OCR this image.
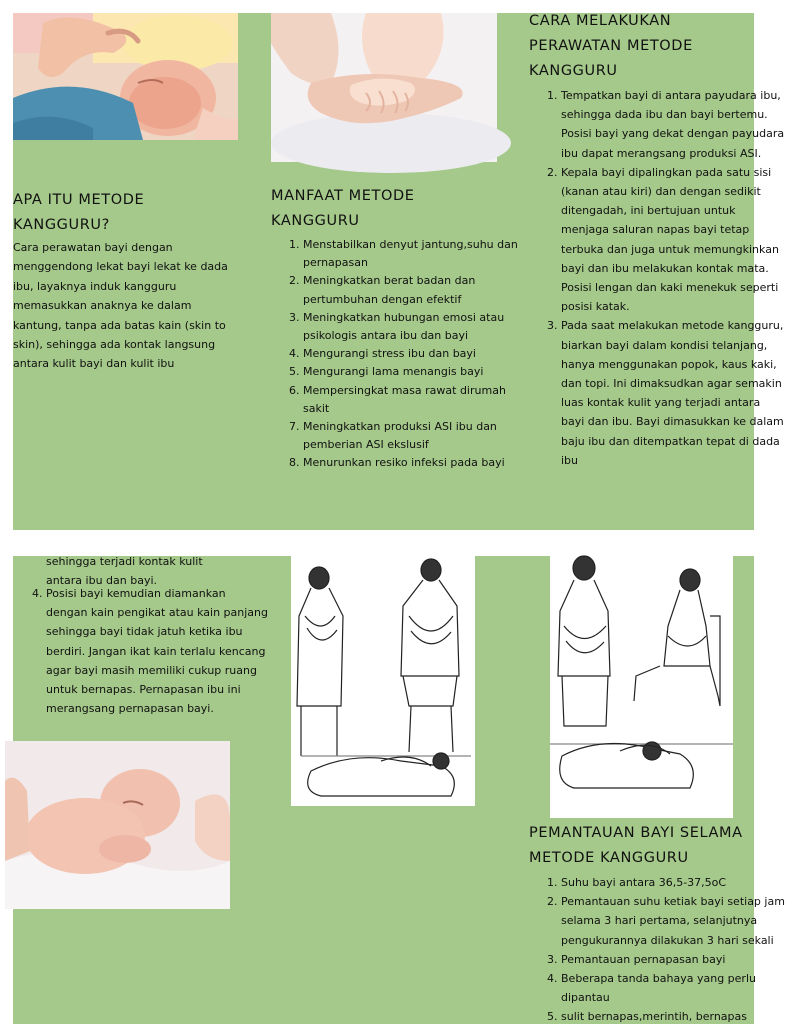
APA ITU METODE KANGGURU?
Cara perawatan bayi dengan menggendong lekat bayi lekat ke dada ibu, layaknya induk kangguru memasukkan anaknya ke dalam kantung, tanpa ada batas kain (skin to skin), sehingga ada kontak langsung antara kulit bayi dan kulit ibu
MANFAAT METODE KANGGURU
1. Menstabilkan denyut jantung,suhu dan pernapasan
2. Meningkatkan berat badan dan pertumbuhan dengan efektif
3. Meningkatkan hubungan emosi atau psikologis antara ibu dan bayi
4. Mengurangi stress ibu dan bayi
5. Mengurangi lama menangis bayi
6. Mempersingkat masa rawat dirumah sakit
7. Meningkatkan produksi ASI ibu dan pemberian ASI ekslusif
8. Menurunkan resiko infeksi pada bayi
CARA MELAKUKAN PERAWATAN METODE KANGGURU
1. Tempatkan bayi di antara payudara ibu, sehingga dada ibu dan bayi bertemu. Posisi bayi yang dekat dengan payudara ibu dapat merangsang produksi ASI.
2. Kepala bayi dipalingkan pada satu sisi (kanan atau kiri) dan dengan sedikit ditengadah, ini bertujuan untuk menjaga saluran napas bayi tetap terbuka dan juga untuk memungkinkan bayi dan ibu melakukan kontak mata. Posisi lengan dan kaki menekuk seperti posisi katak.
3. Pada saat melakukan metode kangguru, biarkan bayi dalam kondisi telanjang, hanya menggunakan popok, kaus kaki, dan topi. Ini dimaksudkan agar semakin luas kontak kulit yang terjadi antara bayi dan ibu. Bayi dimasukkan ke dalam baju ibu dan ditempatkan tepat di dada ibu
sehingga terjadi kontak kulit antara ibu dan bayi.
4. Posisi bayi kemudian diamankan dengan kain pengikat atau kain panjang sehingga bayi tidak jatuh ketika ibu berdiri. Jangan ikat kain terlalu kencang agar bayi masih memiliki cukup ruang untuk bernapas. Pernapasan ibu ini merangsang pernapasan bayi.
PEMANTAUAN BAYI SELAMA METODE KANGGURU
1. Suhu bayi antara 36,5-37,5oC
2. Pemantauan suhu ketiak bayi setiap jam selama 3 hari pertama, selanjutnya pengukurannya dilakukan 3 hari sekali
3. Pemantauan pernapasan bayi
4. Beberapa tanda bahaya yang perlu dipantau
5. sulit bernapas,merintih, bernapas
